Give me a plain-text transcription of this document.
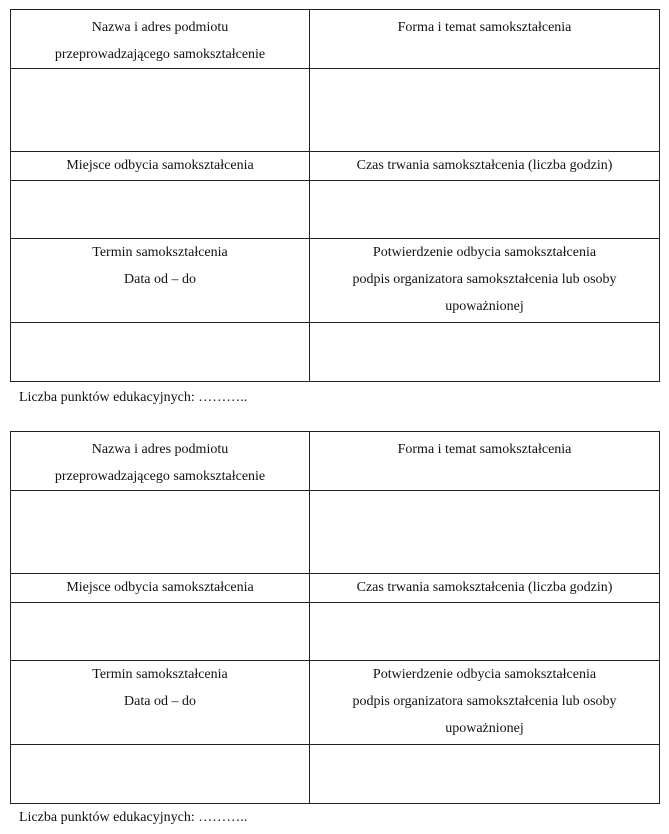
Nazwa i adres podmiotu
przeprowadzającego samokształcenie	Forma i temat samokształcenia

Miejsce odbycia samokształcenia	Czas trwania samokształcenia (liczba godzin)

Termin samokształcenia
Data od – do	Potwierdzenie odbycia samokształcenia
podpis organizatora samokształcenia lub osoby
upoważnionej

Liczba punktów edukacyjnych: ………..
Nazwa i adres podmiotu
przeprowadzającego samokształcenie	Forma i temat samokształcenia

Miejsce odbycia samokształcenia	Czas trwania samokształcenia (liczba godzin)

Termin samokształcenia
Data od – do	Potwierdzenie odbycia samokształcenia
podpis organizatora samokształcenia lub osoby
upoważnionej

Liczba punktów edukacyjnych: ………..
